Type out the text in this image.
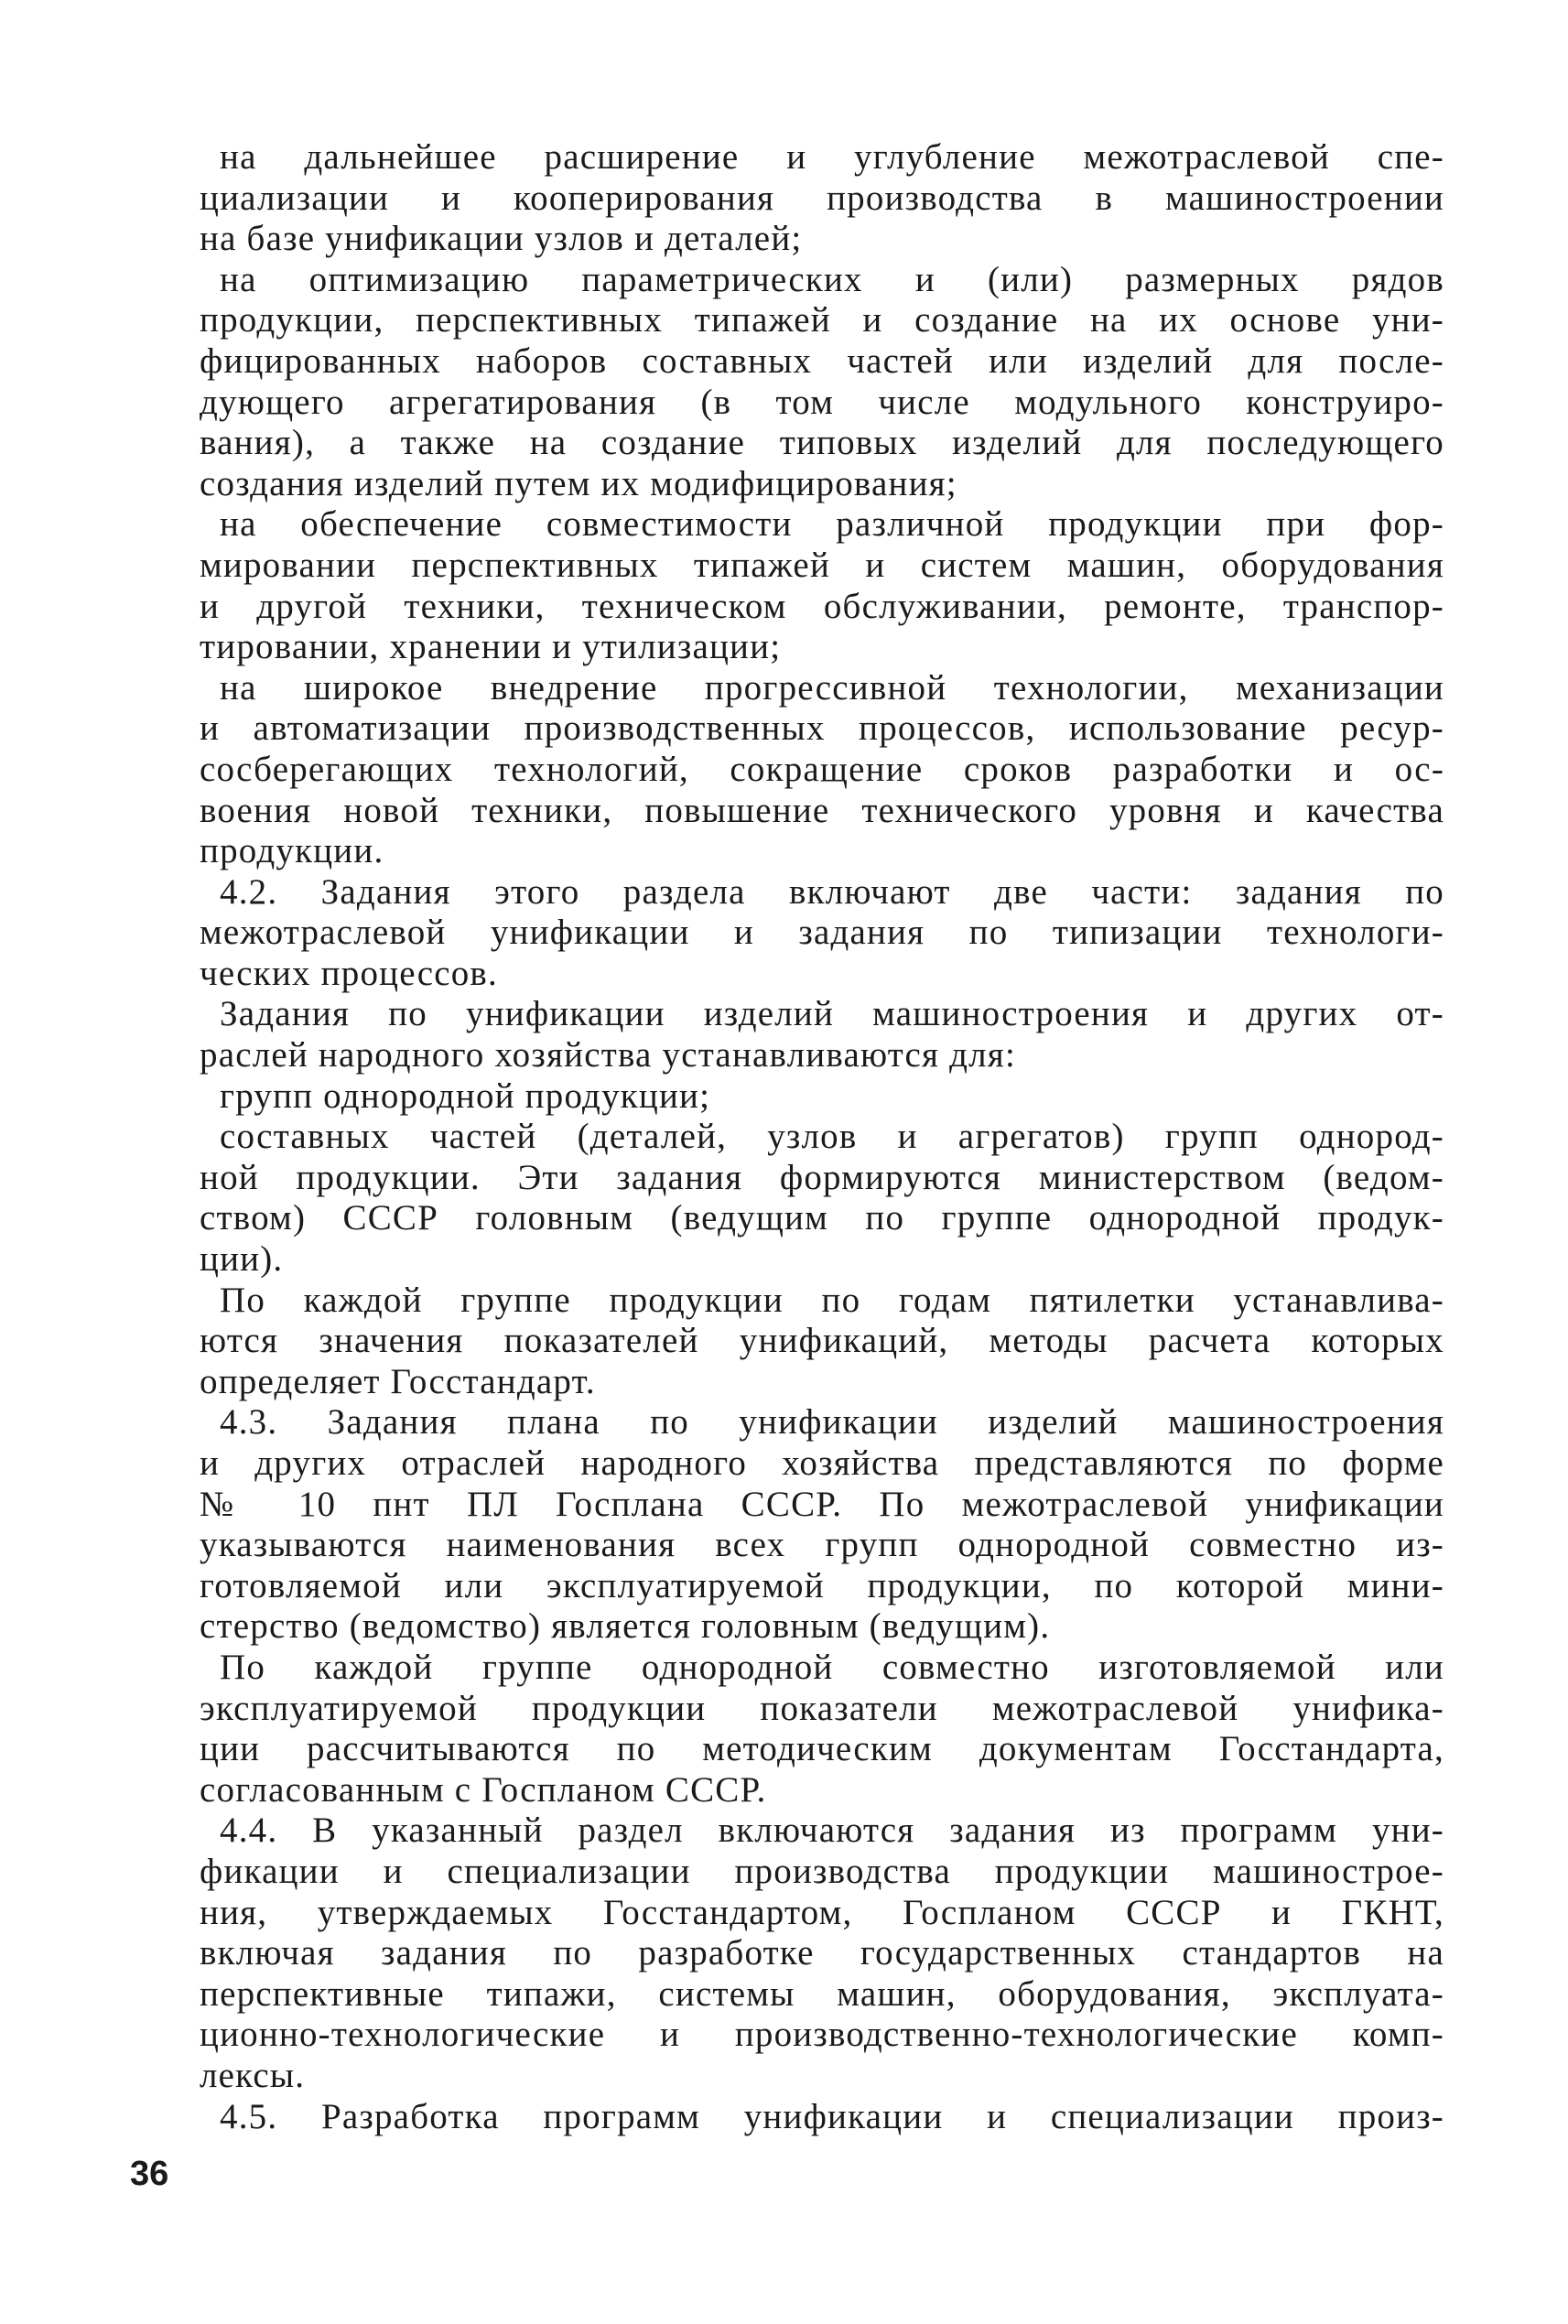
на дальнейшее расширение и углубление межотраслевой спе-
циализации и кооперирования производства в машиностроении
на базе унификации узлов и деталей;
на оптимизацию параметрических и (или) размерных рядов
продукции, перспективных типажей и создание на их основе уни-
фицированных наборов составных частей или изделий для после-
дующего агрегатирования (в том числе модульного конструиро-
вания), а также на создание типовых изделий для последующего
создания изделий путем их модифицирования;
на обеспечение совместимости различной продукции при фор-
мировании перспективных типажей и систем машин, оборудования
и другой техники, техническом обслуживании, ремонте, транспор-
тировании, хранении и утилизации;
на широкое внедрение прогрессивной технологии, механизации
и автоматизации производственных процессов, использование ресур-
сосберегающих технологий, сокращение сроков разработки и ос-
воения новой техники, повышение технического уровня и качества
продукции.
4.2. Задания этого раздела включают две части: задания по
межотраслевой унификации и задания по типизации технологи-
ческих процессов.
Задания по унификации изделий машиностроения и других от-
раслей народного хозяйства устанавливаются для:
групп однородной продукции;
составных частей (деталей, узлов и агрегатов) групп однород-
ной продукции. Эти задания формируются министерством (ведом-
ством) СССР головным (ведущим по группе однородной продук-
ции).
По каждой группе продукции по годам пятилетки устанавлива-
ются значения показателей унификаций, методы расчета которых
определяет Госстандарт.
4.3. Задания плана по унификации изделий машиностроения
и других отраслей народного хозяйства представляются по форме
№ 10 пнт ПЛ Госплана СССР. По межотраслевой унификации
указываются наименования всех групп однородной совместно из-
готовляемой или эксплуатируемой продукции, по которой мини-
стерство (ведомство) является головным (ведущим).
По каждой группе однородной совместно изготовляемой или
эксплуатируемой продукции показатели межотраслевой унифика-
ции рассчитываются по методическим документам Госстандарта,
согласованным с Госпланом СССР.
4.4. В указанный раздел включаются задания из программ уни-
фикации и специализации производства продукции машинострое-
ния, утверждаемых Госстандартом, Госпланом СССР и ГКНТ,
включая задания по разработке государственных стандартов на
перспективные типажи, системы машин, оборудования, эксплуата-
ционно-технологические и производственно-технологические комп-
лексы.
4.5. Разработка программ унификации и специализации произ-
36
